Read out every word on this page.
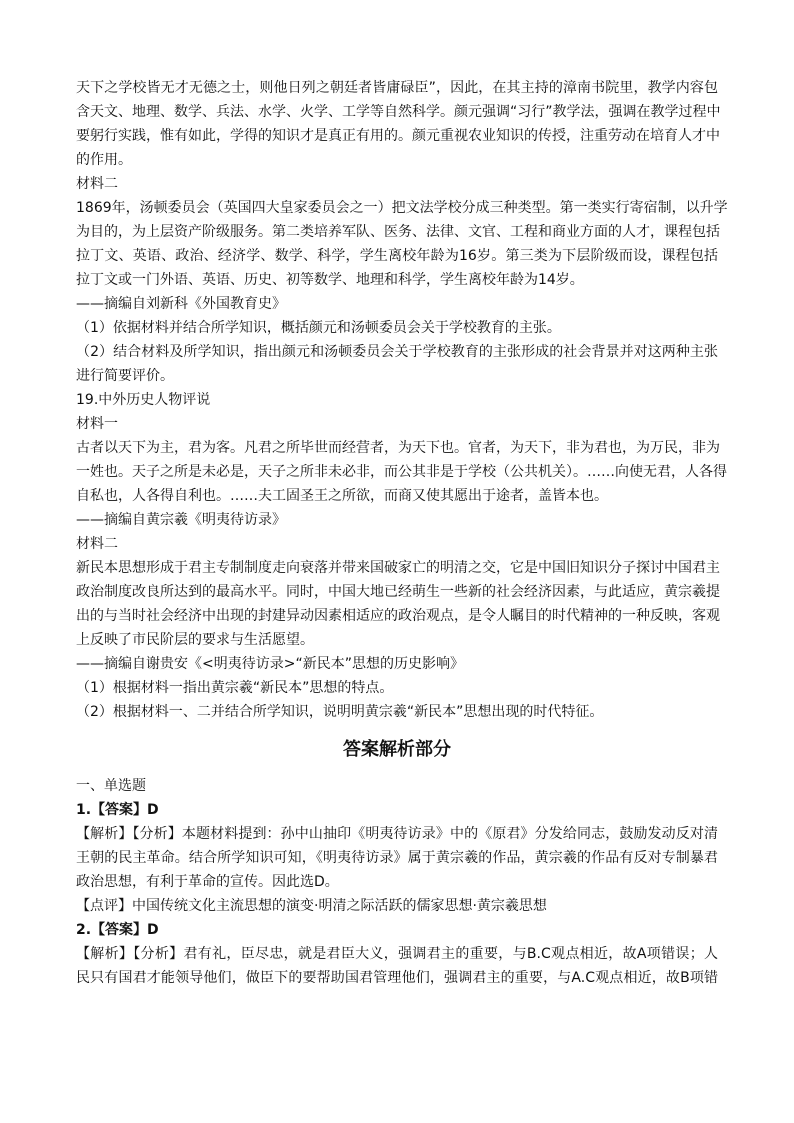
天下之学校皆无才无德之士，则他日列之朝廷者皆庸碌臣”，因此，在其主持的漳南书院里，教学内容包

含天文、地理、数学、兵法、水学、火学、工学等自然科学。颜元强调“习行”教学法，强调在教学过程中

要躬行实践，惟有如此，学得的知识才是真正有用的。颜元重视农业知识的传授，注重劳动在培育人才中

的作用。

材料二

1869年，汤顿委员会（英国四大皇家委员会之一）把文法学校分成三种类型。第一类实行寄宿制，以升学

为目的，为上层资产阶级服务。第二类培养军队、医务、法律、文官、工程和商业方面的人才，课程包括

拉丁文、英语、政治、经济学、数学、科学，学生离校年龄为16岁。第三类为下层阶级而设，课程包括

拉丁文或一门外语、英语、历史、初等数学、地理和科学，学生离校年龄为14岁。

——摘编自刘新科《外国教育史》

（1）依据材料并结合所学知识，概括颜元和汤顿委员会关于学校教育的主张。

（2）结合材料及所学知识，指出颜元和汤顿委员会关于学校教育的主张形成的社会背景并对这两种主张

进行简要评价。

19.中外历史人物评说

材料一

古者以天下为主，君为客。凡君之所毕世而经营者，为天下也。官者，为天下，非为君也，为万民，非为

一姓也。天子之所是未必是，天子之所非未必非，而公其非是于学校（公共机关）。……向使无君，人各得

自私也，人各得自利也。……夫工固圣王之所欲，而商又使其愿出于途者，盖皆本也。

——摘编自黄宗羲《明夷待访录》

材料二

新民本思想形成于君主专制制度走向衰落并带来国破家亡的明清之交，它是中国旧知识分子探讨中国君主

政治制度改良所达到的最高水平。同时，中国大地已经萌生一些新的社会经济因素，与此适应，黄宗羲提

出的与当时社会经济中出现的封建异动因素相适应的政治观点，是令人瞩目的时代精神的一种反映，客观

上反映了市民阶层的要求与生活愿望。

——摘编自谢贵安《<明夷待访录>“新民本”思想的历史影响》

（1）根据材料一指出黄宗羲“新民本”思想的特点。

（2）根据材料一、二并结合所学知识，说明明黄宗羲“新民本”思想出现的时代特征。

答案解析部分

一、单选题

1.【答案】D

【解析】【分析】本题材料提到：孙中山抽印《明夷待访录》中的《原君》分发给同志，鼓励发动反对清

王朝的民主革命。结合所学知识可知，《明夷待访录》属于黄宗羲的作品，黄宗羲的作品有反对专制暴君

政治思想，有利于革命的宣传。因此选D。

【点评】中国传统文化主流思想的演变·明清之际活跃的儒家思想·黄宗羲思想

2.【答案】D

【解析】【分析】君有礼，臣尽忠，就是君臣大义，强调君主的重要，与B.C观点相近，故A项错误；人

民只有国君才能领导他们，做臣下的要帮助国君管理他们，强调君主的重要，与A.C观点相近，故B项错
